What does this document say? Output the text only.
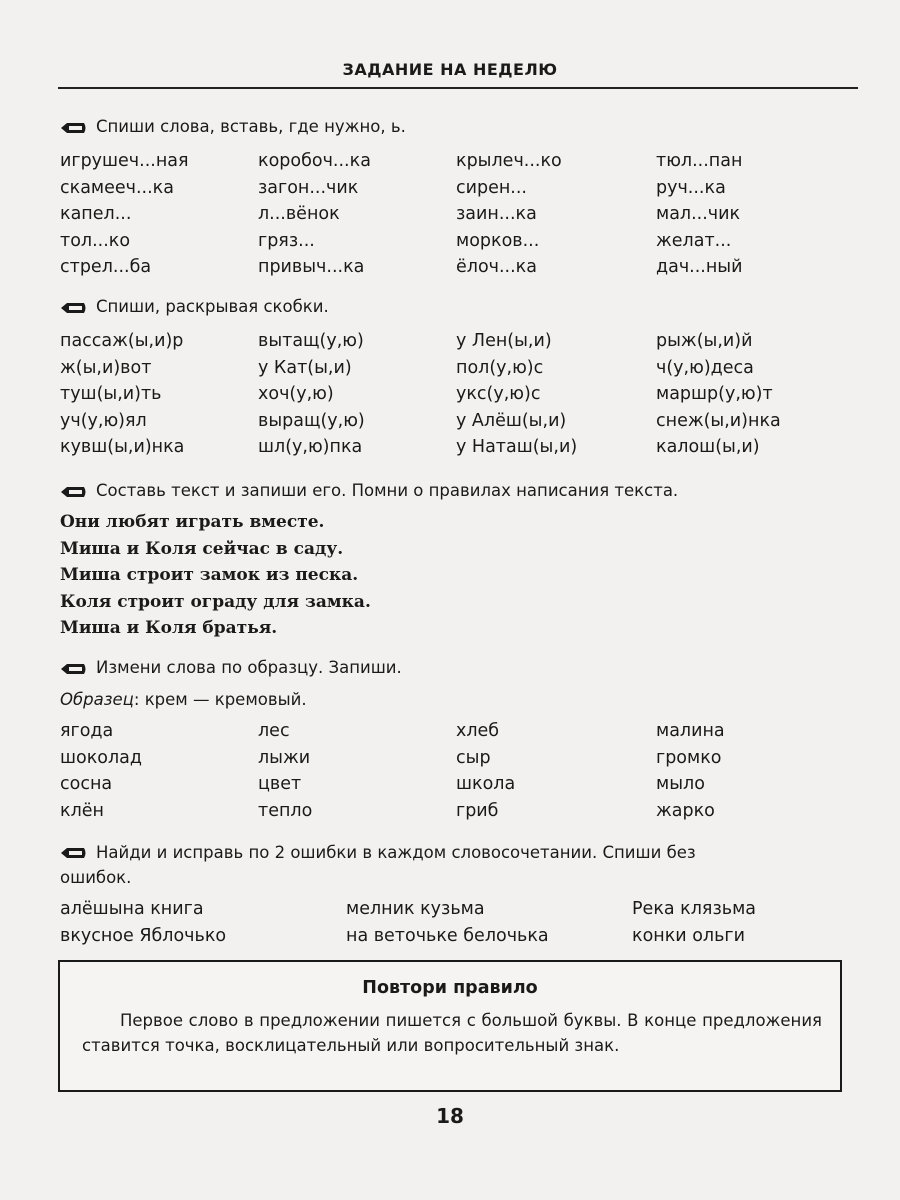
ЗАДАНИЕ НА НЕДЕЛЮ
Спиши слова, вставь, где нужно, ь.
игрушеч...ная	коробоч...ка	крылеч...ко	тюл...пан
скамееч...ка	загон...чик	сирен...	руч...ка
капел...	л...вёнок	заин...ка	мал...чик
тол...ко	гряз...	морков...	желат...
стрел...ба	привыч...ка	ёлоч...ка	дач...ный
Спиши, раскрывая скобки.
пассаж(ы,и)р	вытащ(у,ю)	у Лен(ы,и)	рыж(ы,и)й
ж(ы,и)вот	у Кат(ы,и)	пол(у,ю)с	ч(у,ю)деса
туш(ы,и)ть	хоч(у,ю)	укс(у,ю)с	маршр(у,ю)т
уч(у,ю)ял	выращ(у,ю)	у Алёш(ы,и)	снеж(ы,и)нка
кувш(ы,и)нка	шл(у,ю)пка	у Наташ(ы,и)	калош(ы,и)
Составь текст и запиши его. Помни о правилах написания текста.
Они любят играть вместе.
Миша и Коля сейчас в саду.
Миша строит замок из песка.
Коля строит ограду для замка.
Миша и Коля братья.
Измени слова по образцу. Запиши.
Образец: крем — кремовый.
ягода	лес	хлеб	малина
шоколад	лыжи	сыр	громко
сосна	цвет	школа	мыло
клён	тепло	гриб	жарко
Найди и исправь по 2 ошибки в каждом словосочетании. Спиши без
ошибок.
алёшына книга	мелник кузьма	Река клязьма
вкусное Яблочько	на веточьке белочька	конки ольги
Повтори правило
Первое слово в предложении пишется с большой буквы. В конце предложения ставится точка, восклицательный или вопросительный знак.
18
